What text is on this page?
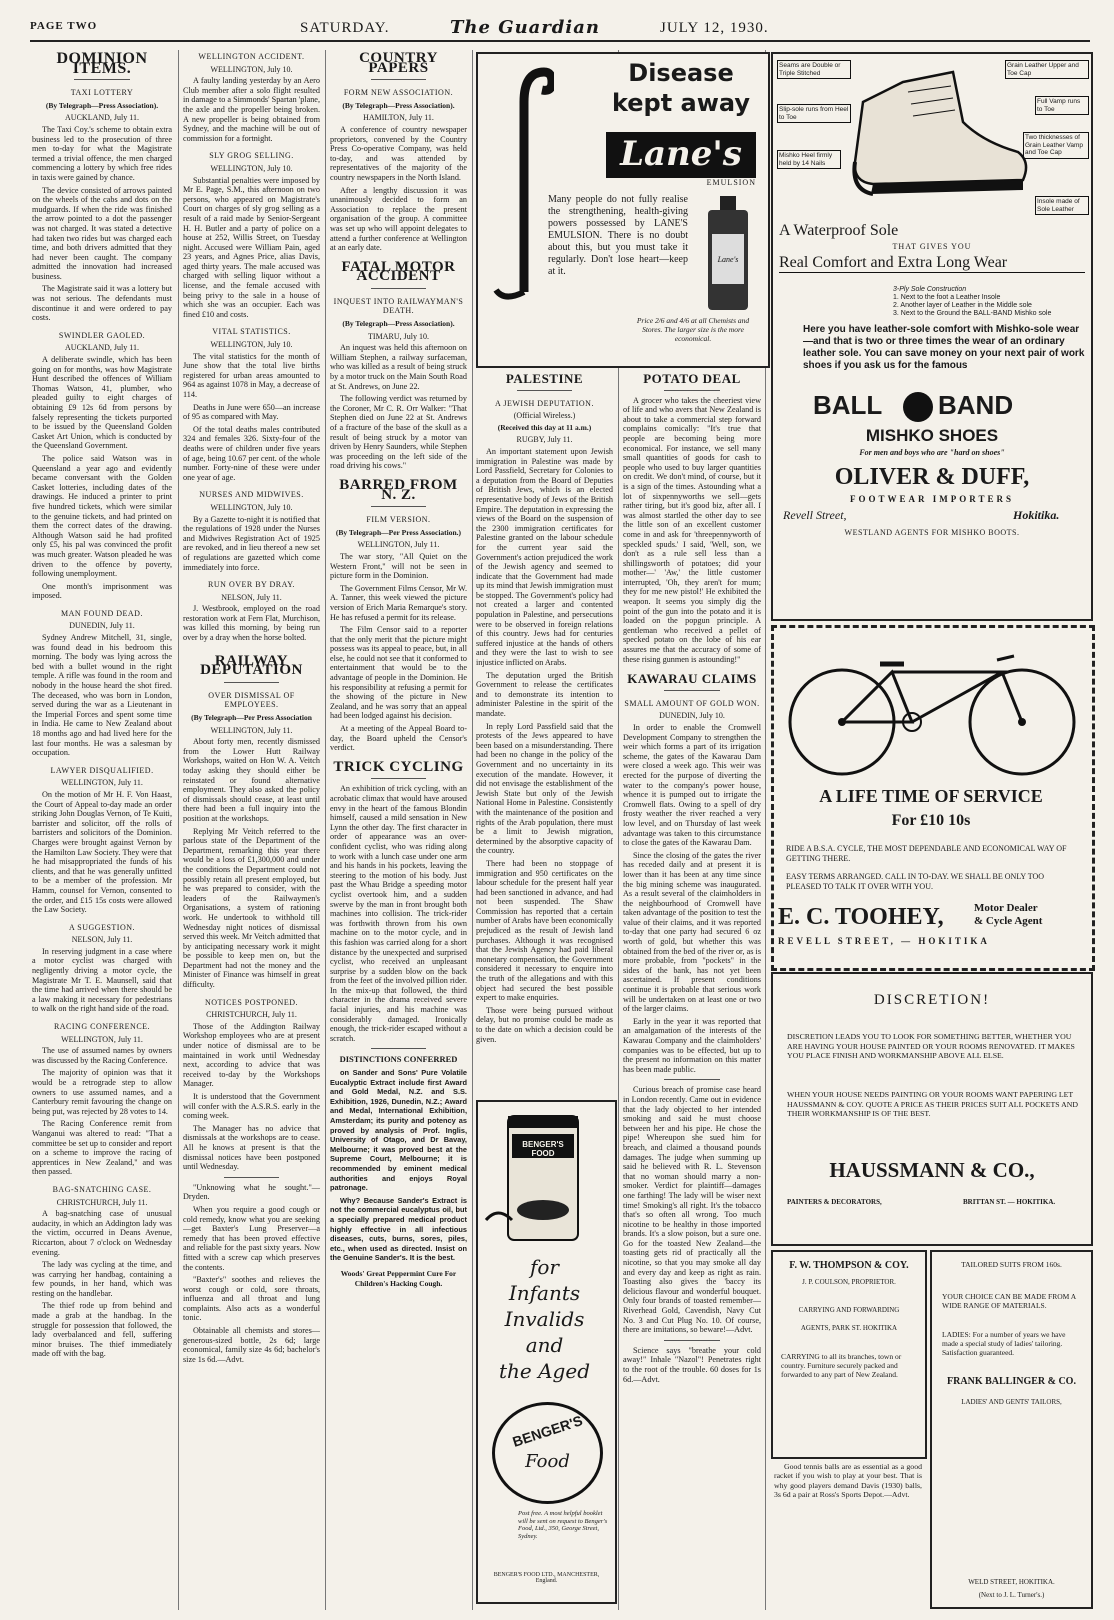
PAGE TWO	SATURDAY.	The Guardian	JULY 12, 1930.
DOMINION ITEMS.
TAXI LOTTERY
(By Telegraph—Press Association).
AUCKLAND, July 11.

The Taxi Coy.'s scheme to obtain extra business led to the prosecution of three men to-day for what the Magistrate termed a trivial offence, the men charged commencing a lottery by which free rides in taxis were gained by chance.

The device consisted of arrows painted on the wheels of the cabs and dots on the mudguards. If when the ride was finished the arrow pointed to a dot the passenger was not charged. It was stated a detective had taken two rides but was charged each time, and both drivers admitted that they had never been caught. The company admitted the innovation had increased business.

The Magistrate said it was a lottery but was not serious. The defendants must discontinue it and were ordered to pay costs.

SWINDLER GAOLED.
AUCKLAND, July 11.

A deliberate swindle, which has been going on for months, was how Magistrate Hunt described the offences of William Thomas Watson, 41, plumber, who pleaded guilty to eight charges of obtaining £9 12s 6d from persons by falsely representing the tickets purported to be issued by the Queensland Golden Casket Art Union, which is conducted by the Queensland Government.

The police said Watson was in Queensland a year ago and evidently became conversant with the Golden Casket lotteries, including dates of the drawings. He induced a printer to print five hundred tickets, which were similar to the genuine tickets, and had printed on them the correct dates of the drawing. Although Watson said he had profited only £5, his pal was convinced the profit was much greater. Watson pleaded he was driven to the offence by poverty, following unemployment.

One month's imprisonment was imposed.

MAN FOUND DEAD.
DUNEDIN, July 11.

Sydney Andrew Mitchell, 31, single, was found dead in his bedroom this morning. The body was lying across the bed with a bullet wound in the right temple. A rifle was found in the room and nobody in the house heard the shot fired. The deceased, who was born in London, served during the war as a Lieutenant in the Imperial Forces and spent some time in India. He came to New Zealand about 18 months ago and had lived here for the last four months. He was a salesman by occupation.

LAWYER DISQUALIFIED.
WELLINGTON, July 11.

On the motion of Mr H. F. Von Haast, the Court of Appeal to-day made an order striking John Douglas Vernon, of Te Kuiti, barrister and solicitor, off the rolls of barristers and solicitors of the Dominion. Charges were brought against Vernon by the Hamilton Law Society. They were that he had misappropriated the funds of his clients, and that he was generally unfitted to be a member of the profession. Mr Hamm, counsel for Vernon, consented to the order, and £15 15s costs were allowed the Law Society.

A SUGGESTION.
NELSON, July 11.

In reserving judgment in a case where a motor cyclist was charged with negligently driving a motor cycle, the Magistrate Mr T. E. Maunsell, said that the time had arrived when there should be a law making it necessary for pedestrians to walk on the right hand side of the road.

RACING CONFERENCE.
WELLINGTON, July 11.

The use of assumed names by owners was discussed by the Racing Conference.

The majority of opinion was that it would be a retrograde step to allow owners to use assumed names, and a Canterbury remit favouring the change on being put, was rejected by 28 votes to 14.

The Racing Conference remit from Wanganui was altered to read: "That a committee be set up to consider and report on a scheme to improve the racing of apprentices in New Zealand," and was then passed.

BAG-SNATCHING CASE.
CHRISTCHURCH, July 11.

A bag-snatching case of unusual audacity, in which an Addington lady was the victim, occurred in Deans Avenue, Riccarton, about 7 o'clock on Wednesday evening.

The lady was cycling at the time, and was carrying her handbag, containing a few pounds, in her hand, which was resting on the handlebar.

The thief rode up from behind and made a grab at the handbag. In the struggle for possession that followed, the lady overbalanced and fell, suffering minor bruises. The thief immediately made off with the bag.

WELLINGTON ACCIDENT.
WELLINGTON, July 10.

A faulty landing yesterday by an Aero Club member after a solo flight resulted in damage to a Simmonds' Spartan 'plane, the axle and the propeller being broken. A new propeller is being obtained from Sydney, and the machine will be out of commission for a fortnight.

SLY GROG SELLING.
WELLINGTON, July 10.

Substantial penalties were imposed by Mr E. Page, S.M., this afternoon on two persons, who appeared on Magistrate's Court on charges of sly grog selling as a result of a raid made by Senior-Sergeant H. H. Butler and a party of police on a house at 252, Willis Street, on Tuesday night. Accused were William Pain, aged 23 years, and Agnes Price, alias Davis, aged thirty years. The male accused was charged with selling liquor without a license, and the female accused with being privy to the sale in a house of which she was an occupier. Each was fined £10 and costs.

VITAL STATISTICS.
WELLINGTON, July 10.

The vital statistics for the month of June show that the total live births registered for urban areas amounted to 964 as against 1078 in May, a decrease of 114.

Deaths in June were 650—an increase of 95 as compared with May.

Of the total deaths males contributed 324 and females 326. Sixty-four of the deaths were of children under five years of age, being 10.67 per cent. of the whole number. Forty-nine of these were under one year of age.

NURSES AND MIDWIVES.
WELLINGTON, July 10.

By a Gazette to-night it is notified that the regulations of 1928 under the Nurses and Midwives Registration Act of 1925 are revoked, and in lieu thereof a new set of regulations are gazetted which come immediately into force.

RUN OVER BY DRAY.
NELSON, July 11.

J. Westbrook, employed on the road restoration work at Fern Flat, Murchison, was killed this morning, by being run over by a dray when the horse bolted.

RAILWAY DEPUTATION
OVER DISMISSAL OF EMPLOYEES.
(By Telegraph—Per Press Association
WELLINGTON, July 11.

About forty men, recently dismissed from the Lower Hutt Railway Workshops, waited on Hon W. A. Veitch today asking they should either be reinstated or found alternative employment. They also asked the policy of dismissals should cease, at least until there had been a full inquiry into the position at the workshops.

Replying Mr Veitch referred to the parlous state of the Department of the Department, remarking this year there would be a loss of £1,300,000 and under the conditions the Department could not possibly retain all present employed, but he was prepared to consider, with the leaders of the Railwaymen's Organisations, a system of rationing work. He undertook to withhold till Wednesday night notices of dismissal served this week. Mr Veitch admitted that by anticipating necessary work it might be possible to keep men on, but the Department had not the money and the Minister of Finance was himself in great difficulty.

NOTICES POSTPONED.
CHRISTCHURCH, July 11.

Those of the Addington Railway Workshop employees who are at present under notice of dismissal are to be maintained in work until Wednesday next, according to advice that was received to-day by the Workshops Manager.

It is understood that the Government will confer with the A.S.R.S. early in the coming week.

The Manager has no advice that dismissals at the workshops are to cease. All he knows at present is that the dismissal notices have been postponed until Wednesday.

"Unknowing what he sought."—Dryden.

When you require a good cough or cold remedy, know what you are seeking—get Baxter's Lung Preserver—a remedy that has been proved effective and reliable for the past sixty years. Now fitted with a screw cap which preserves the contents.

"Baxter's" soothes and relieves the worst cough or cold, sore throats, influenza and all throat and lung complaints. Also acts as a wonderful tonic.

Obtainable all chemists and stores—generous-sized bottle, 2s 6d; large economical, family size 4s 6d; bachelor's size 1s 6d.—Advt.

COUNTRY PAPERS
FORM NEW ASSOCIATION.
(By Telegraph—Press Association).
HAMILTON, July 11.

A conference of country newspaper proprietors, convened by the Country Press Co-operative Company, was held to-day, and was attended by representatives of the majority of the country newspapers in the North Island.

After a lengthy discussion it was unanimously decided to form an Association to replace the present organisation of the group. A committee was set up who will appoint delegates to attend a further conference at Wellington at an early date.

FATAL MOTOR ACCIDENT
INQUEST INTO RAILWAYMAN'S DEATH.
(By Telegraph—Press Association).
TIMARU, July 10.

An inquest was held this afternoon on William Stephen, a railway surfaceman, who was killed as a result of being struck by a motor truck on the Main South Road at St. Andrews, on June 22.

The following verdict was returned by the Coroner, Mr C. R. Orr Walker: "That Stephen died on June 22 at St. Andrews of a fracture of the base of the skull as a result of being struck by a motor van driven by Henry Saunders, while Stephen was proceeding on the left side of the road driving his cows."

BARRED FROM N. Z.
FILM VERSION.
(By Telegraph—Per Press Association.)
WELLINGTON, July 11.

The war story, "All Quiet on the Western Front," will not be seen in picture form in the Dominion.

The Government Films Censor, Mr W. A. Tanner, this week viewed the picture version of Erich Maria Remarque's story. He has refused a permit for its release.

The Film Censor said to a reporter that the only merit that the picture might possess was its appeal to peace, but, in all else, he could not see that it conformed to entertainment that would be to the advantage of people in the Dominion. He his responsibility at refusing a permit for the showing of the picture in New Zealand, and he was sorry that an appeal had been lodged against his decision.

At a meeting of the Appeal Board to-day, the Board upheld the Censor's verdict.

TRICK CYCLING

An exhibition of trick cycling, with an acrobatic climax that would have aroused envy in the heart of the famous Blondin himself, caused a mild sensation in New Lynn the other day. The first character in order of appearance was an over-confident cyclist, who was riding along to work with a lunch case under one arm and his hands in his pockets, leaving the steering to the motion of his body. Just past the Whau Bridge a speeding motor cyclist overtook him, and a sudden swerve by the man in front brought both machines into collision. The trick-rider was forthwith thrown from his own machine on to the motor cycle, and in this fashion was carried along for a short distance by the unexpected and surprised cyclist, who received an unpleasant surprise by a sudden blow on the back from the feet of the involved pillion rider. In the mix-up that followed, the third character in the drama received severe facial injuries, and his machine was considerably damaged. Ironically enough, the trick-rider escaped without a scratch.

DISTINCTIONS CONFERRED

on Sander and Sons' Pure Volatile Eucalyptic Extract include first Award and Gold Medal, N.Z. and S.S. Exhibition, 1926, Dunedin, N.Z.; Award and Medal, International Exhibition, Amsterdam; its purity and potency as proved by analysis of Prof. Inglis, University of Otago, and Dr Bavay, Melbourne; it was proved best at the Supreme Court, Melbourne; it is recommended by eminent medical authorities and enjoys Royal patronage.

Why? Because Sander's Extract is not the commercial eucalyptus oil, but a specially prepared medical product highly effective in all infectious diseases, cuts, burns, sores, piles, etc., when used as directed. Insist on the Genuine Sander's. It is the best.

Woods' Great Peppermint Cure For Children's Hacking Cough.
Disease
kept away
Lane's
EMULSION
Many people do not fully realise the strengthening, health-giving powers possessed by LANE'S EMULSION. There is no doubt about this, but you must take it regularly. Don't lose heart—keep at it.
Lane's
Price 2/6 and 4/6 at all Chemists and Stores. The larger size is the more economical.
PALESTINE
A JEWISH DEPUTATION.
(Official Wireless.)
(Received this day at 11 a.m.)
RUGBY, July 11.

An important statement upon Jewish immigration in Palestine was made by Lord Passfield, Secretary for Colonies to a deputation from the Board of Deputies of British Jews, which is an elected representative body of Jews of the British Empire. The deputation in expressing the views of the Board on the suspension of the 2300 immigration certificates for Palestine granted on the labour schedule for the current year said the Government's action prejudiced the work of the Jewish agency and seemed to indicate that the Government had made up its mind that Jewish immigration must be stopped. The Government's policy had not created a larger and contented population in Palestine, and persecutions were to be observed in foreign relations of this country. Jews had for centuries suffered injustice at the hands of others and they were the last to wish to see injustice inflicted on Arabs.

The deputation urged the British Government to release the certificates and to demonstrate its intention to administer Palestine in the spirit of the mandate.

In reply Lord Passfield said that the protests of the Jews appeared to have been based on a misunderstanding. There had been no change in the policy of the Government and no uncertainty in its execution of the mandate. However, it did not envisage the establishment of the Jewish State but only of the Jewish National Home in Palestine. Consistently with the maintenance of the position and rights of the Arab population, there must be a limit to Jewish migration, determined by the absorptive capacity of the country.

There had been no stoppage of immigration and 950 certificates on the labour schedule for the present half year had been sanctioned in advance, and had not been suspended. The Shaw Commission has reported that a certain number of Arabs have been economically prejudiced as the result of Jewish land purchases. Although it was recognised that the Jewish Agency had paid liberal monetary compensation, the Government considered it necessary to enquire into the truth of the allegations and with this object had secured the best possible expert to make enquiries.

Those were being pursued without delay, but no promise could be made as to the date on which a decision could be given.

BENGER'S FOOD
for
Infants
Invalids
and
the Aged
BENGER'S
Food
Post free. A most helpful booklet will be sent on request to Benger's Food, Ltd., 350, George Street, Sydney.
BENGER'S FOOD LTD., MANCHESTER, England.
POTATO DEAL

A grocer who takes the cheeriest view of life and who avers that New Zealand is about to take a commercial step forward complains comically: "It's true that people are becoming being more economical. For instance, we sell many small quantities of goods for cash to people who used to buy larger quantities on credit. We don't mind, of course, but it is a sign of the times. Astounding what a lot of sixpennyworths we sell—gets rather tiring, but it's good biz, after all. I was almost startled the other day to see the little son of an excellent customer come in and ask for 'threepennyworth of speckled spuds.' I said, 'Well, son, we don't as a rule sell less than a shillingsworth of potatoes; did your mother—' 'Aw,' the little customer interrupted, 'Oh, they aren't for mum; they for me new pistol!' He exhibited the weapon. It seems you simply dig the point of the gun into the potato and it is loaded on the popgun principle. A gentleman who received a pellet of specked potato on the lobe of his ear assures me that the accuracy of some of these rising gunmen is astounding!"

KAWARAU CLAIMS
SMALL AMOUNT OF GOLD WON.
DUNEDIN, July 10.

In order to enable the Cromwell Development Company to strengthen the weir which forms a part of its irrigation scheme, the gates of the Kawarau Dam were closed a week ago. This weir was erected for the purpose of diverting the water to the company's power house, whence it is pumped out to irrigate the Cromwell flats. Owing to a spell of dry frosty weather the river reached a very low level, and on Thursday of last week advantage was taken to this circumstance to close the gates of the Kawarau Dam.

Since the closing of the gates the river has receded daily and at present it is lower than it has been at any time since the big mining scheme was inaugurated. As a result several of the claimholders in the neighbourhood of Cromwell have taken advantage of the position to test the value of their claims, and it was reported to-day that one party had secured 6 oz worth of gold, but whether this was obtained from the bed of the river or, as is more probable, from "pockets" in the sides of the bank, has not yet been ascertained. If present conditions continue it is probable that serious work will be undertaken on at least one or two of the larger claims.

Early in the year it was reported that an amalgamation of the interests of the Kawarau Company and the claimholders' companies was to be effected, but up to the present no information on this matter has been made public.

Curious breach of promise case heard in London recently. Came out in evidence that the lady objected to her intended smoking and said he must choose between her and his pipe. He chose the pipe! Whereupon she sued him for breach, and claimed a thousand pounds damages. The judge when summing up said he believed with R. L. Stevenson that no woman should marry a non-smoker. Verdict for plaintiff—damages one farthing! The lady will be wiser next time! Smoking's all right. It's the tobacco that's so often all wrong. Too much nicotine to be healthy in those imported brands. It's a slow poison, but a sure one. Go for the toasted New Zealand—the toasting gets rid of practically all the nicotine, so that you may smoke all day and every day and keep as right as rain. Toasting also gives the 'baccy its delicious flavour and wonderful bouquet. Only four brands of toasted remember—Riverhead Gold, Cavendish, Navy Cut No. 3 and Cut Plug No. 10. Of course, there are imitations, so beware!—Advt.

Science says "breathe your cold away!" Inhale "Nazol"! Penetrates right to the root of the trouble. 60 doses for 1s 6d.—Advt.

Seams are Double or Triple Stitched
Grain Leather Upper and Toe Cap
Slip-sole runs from Heel to Toe
Full Vamp runs to Toe
Two thicknesses of Grain Leather Vamp and Toe Cap
Mishko Heel firmly held by 14 Nails
Insole made of Sole Leather
A Waterproof Sole
THAT GIVES YOU
Real Comfort and Extra Long Wear
3-Ply Sole Construction
1. Next to the foot a Leather Insole
2. Another layer of Leather in the Middle sole
3. Next to the Ground the BALL-BAND Mishko sole
Here you have leather-sole comfort with Mishko-sole wear—and that is two or three times the wear of an ordinary leather sole. You can save money on your next pair of work shoes if you ask us for the famous
BALL BAND
MISHKO SHOES
For men and boys who are "hard on shoes"
OLIVER & DUFF,
FOOTWEAR IMPORTERS
Revell Street,	Hokitika.
WESTLAND AGENTS FOR MISHKO BOOTS.
A LIFE TIME OF SERVICE
For £10 10s
RIDE A B.S.A. CYCLE, THE MOST DEPENDABLE AND ECONOMICAL WAY OF GETTING THERE.
EASY TERMS ARRANGED. CALL IN TO-DAY. WE SHALL BE ONLY TOO PLEASED TO TALK IT OVER WITH YOU.
E. C. TOOHEY,	Motor Dealer
& Cycle Agent
REVELL STREET, — HOKITIKA
DISCRETION!
DISCRETION LEADS YOU TO LOOK FOR SOMETHING BETTER, WHETHER YOU ARE HAVING YOUR HOUSE PAINTED OR YOUR ROOMS RENOVATED. IT MAKES YOU PLACE FINISH AND WORKMANSHIP ABOVE ALL ELSE.
WHEN YOUR HOUSE NEEDS PAINTING OR YOUR ROOMS WANT PAPERING LET HAUSSMANN & COY. QUOTE A PRICE AS THEIR PRICES SUIT ALL POCKETS AND THEIR WORKMANSHIP IS OF THE BEST.
HAUSSMANN & CO.,
PAINTERS & DECORATORS,	BRITTAN ST. — HOKITIKA.
F. W. THOMPSON & COY.
J. P. COULSON, PROPRIETOR.
CARRYING AND FORWARDING
AGENTS, PARK ST. HOKITIKA
CARRYING to all its branches, town or country. Furniture securely packed and forwarded to any part of New Zealand.
TAILORED SUITS FROM 160s.
YOUR CHOICE CAN BE MADE FROM A WIDE RANGE OF MATERIALS.
LADIES: For a number of years we have made a special study of ladies' tailoring. Satisfaction guaranteed.
FRANK BALLINGER & CO.
LADIES' AND GENTS' TAILORS,
WELD STREET, HOKITIKA.
(Next to J. L. Turner's.)

Good tennis balls are as essential as a good racket if you wish to play at your best. That is why good players demand Davis (1930) balls, 3s 6d a pair at Ross's Sports Depot.—Advt.
